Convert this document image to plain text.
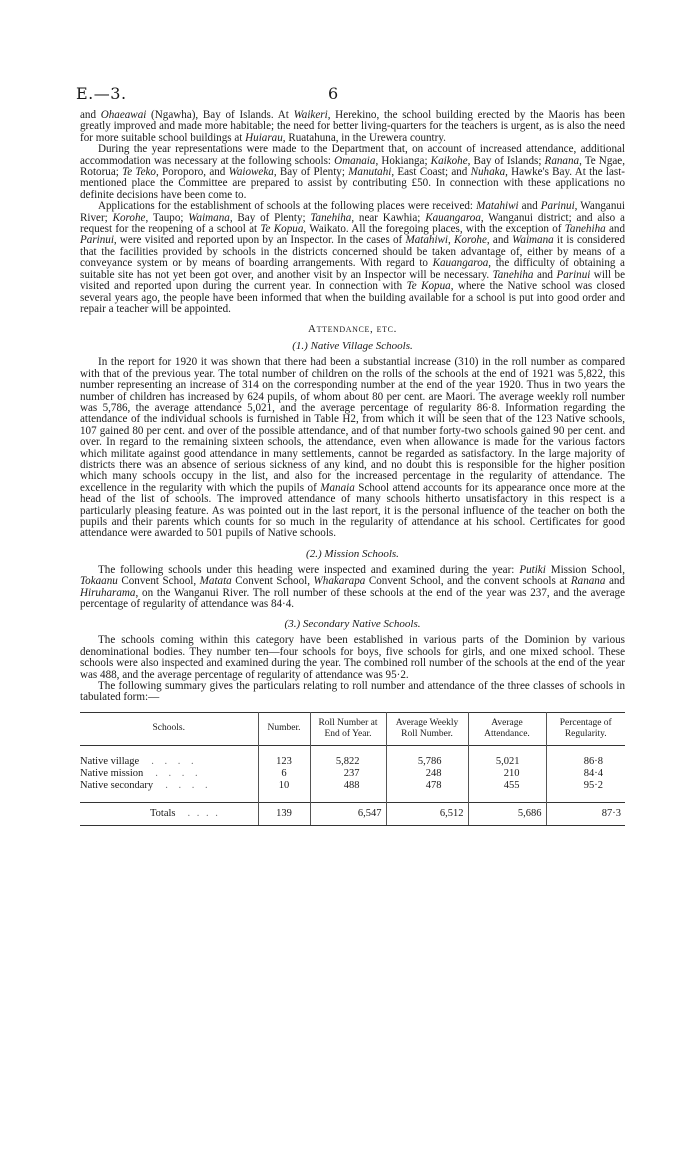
E.—3.	6

and Ohaeawai (Ngawha), Bay of Islands. At Waikeri, Herekino, the school building erected by the Maoris has been greatly improved and made more habitable; the need for better living-quarters for the teachers is urgent, as is also the need for more suitable school buildings at Huiarau, Ruatahuna, in the Urewera country.

During the year representations were made to the Department that, on account of increased attendance, additional accommodation was necessary at the following schools: Omanaia, Hokianga; Kaikohe, Bay of Islands; Ranana, Te Ngae, Rotorua; Te Teko, Poroporo, and Waioweka, Bay of Plenty; Manutahi, East Coast; and Nuhaka, Hawke's Bay. At the last-mentioned place the Committee are prepared to assist by contributing £50. In connection with these applications no definite decisions have been come to.

Applications for the establishment of schools at the following places were received: Matahiwi and Parinui, Wanganui River; Korohe, Taupo; Waimana, Bay of Plenty; Tanehiha, near Kawhia; Kauangaroa, Wanganui district; and also a request for the reopening of a school at Te Kopua, Waikato. All the foregoing places, with the exception of Tanehiha and Parinui, were visited and reported upon by an Inspector. In the cases of Matahiwi, Korohe, and Waimana it is considered that the facilities provided by schools in the districts concerned should be taken advantage of, either by means of a conveyance system or by means of boarding arrangements. With regard to Kauangaroa, the difficulty of obtaining a suitable site has not yet been got over, and another visit by an Inspector will be necessary. Tanehiha and Parinui will be visited and reported upon during the current year. In connection with Te Kopua, where the Native school was closed several years ago, the people have been informed that when the building available for a school is put into good order and repair a teacher will be appointed.

Attendance, etc.
(1.) Native Village Schools.

In the report for 1920 it was shown that there had been a substantial increase (310) in the roll number as compared with that of the previous year. The total number of children on the rolls of the schools at the end of 1921 was 5,822, this number representing an increase of 314 on the corresponding number at the end of the year 1920. Thus in two years the number of children has increased by 624 pupils, of whom about 80 per cent. are Maori. The average weekly roll number was 5,786, the average attendance 5,021, and the average percentage of regularity 86·8. Information regarding the attendance of the individual schools is furnished in Table H2, from which it will be seen that of the 123 Native schools, 107 gained 80 per cent. and over of the possible attendance, and of that number forty-two schools gained 90 per cent. and over. In regard to the remaining sixteen schools, the attendance, even when allowance is made for the various factors which militate against good attendance in many settlements, cannot be regarded as satisfactory. In the large majority of districts there was an absence of serious sickness of any kind, and no doubt this is responsible for the higher position which many schools occupy in the list, and also for the increased percentage in the regularity of attendance. The excellence in the regularity with which the pupils of Manaia School attend accounts for its appearance once more at the head of the list of schools. The improved attendance of many schools hitherto unsatisfactory in this respect is a particularly pleasing feature. As was pointed out in the last report, it is the personal influence of the teacher on both the pupils and their parents which counts for so much in the regularity of attendance at his school. Certificates for good attendance were awarded to 501 pupils of Native schools.

(2.) Mission Schools.

The following schools under this heading were inspected and examined during the year: Putiki Mission School, Tokaanu Convent School, Matata Convent School, Whakarapa Convent School, and the convent schools at Ranana and Hiruharama, on the Wanganui River. The roll number of these schools at the end of the year was 237, and the average percentage of regularity of attendance was 84·4.

(3.) Secondary Native Schools.

The schools coming within this category have been established in various parts of the Dominion by various denominational bodies. They number ten—four schools for boys, five schools for girls, and one mixed school. These schools were also inspected and examined during the year. The combined roll number of the schools at the end of the year was 488, and the average percentage of regularity of attendance was 95·2.

The following summary gives the particulars relating to roll number and attendance of the three classes of schools in tabulated form:—

Schools.	Number.	Roll Number at End of Year.	Average Weekly Roll Number.	Average Attendance.	Percentage of Regularity.

Native village . . . .	123	5,822	5,786	5,021	86·8
Native mission . . . .	6	237	248	210	84·4
Native secondary . . . .	10	488	478	455	95·2

Totals . . . .	139	6,547	6,512	5,686	87·3
